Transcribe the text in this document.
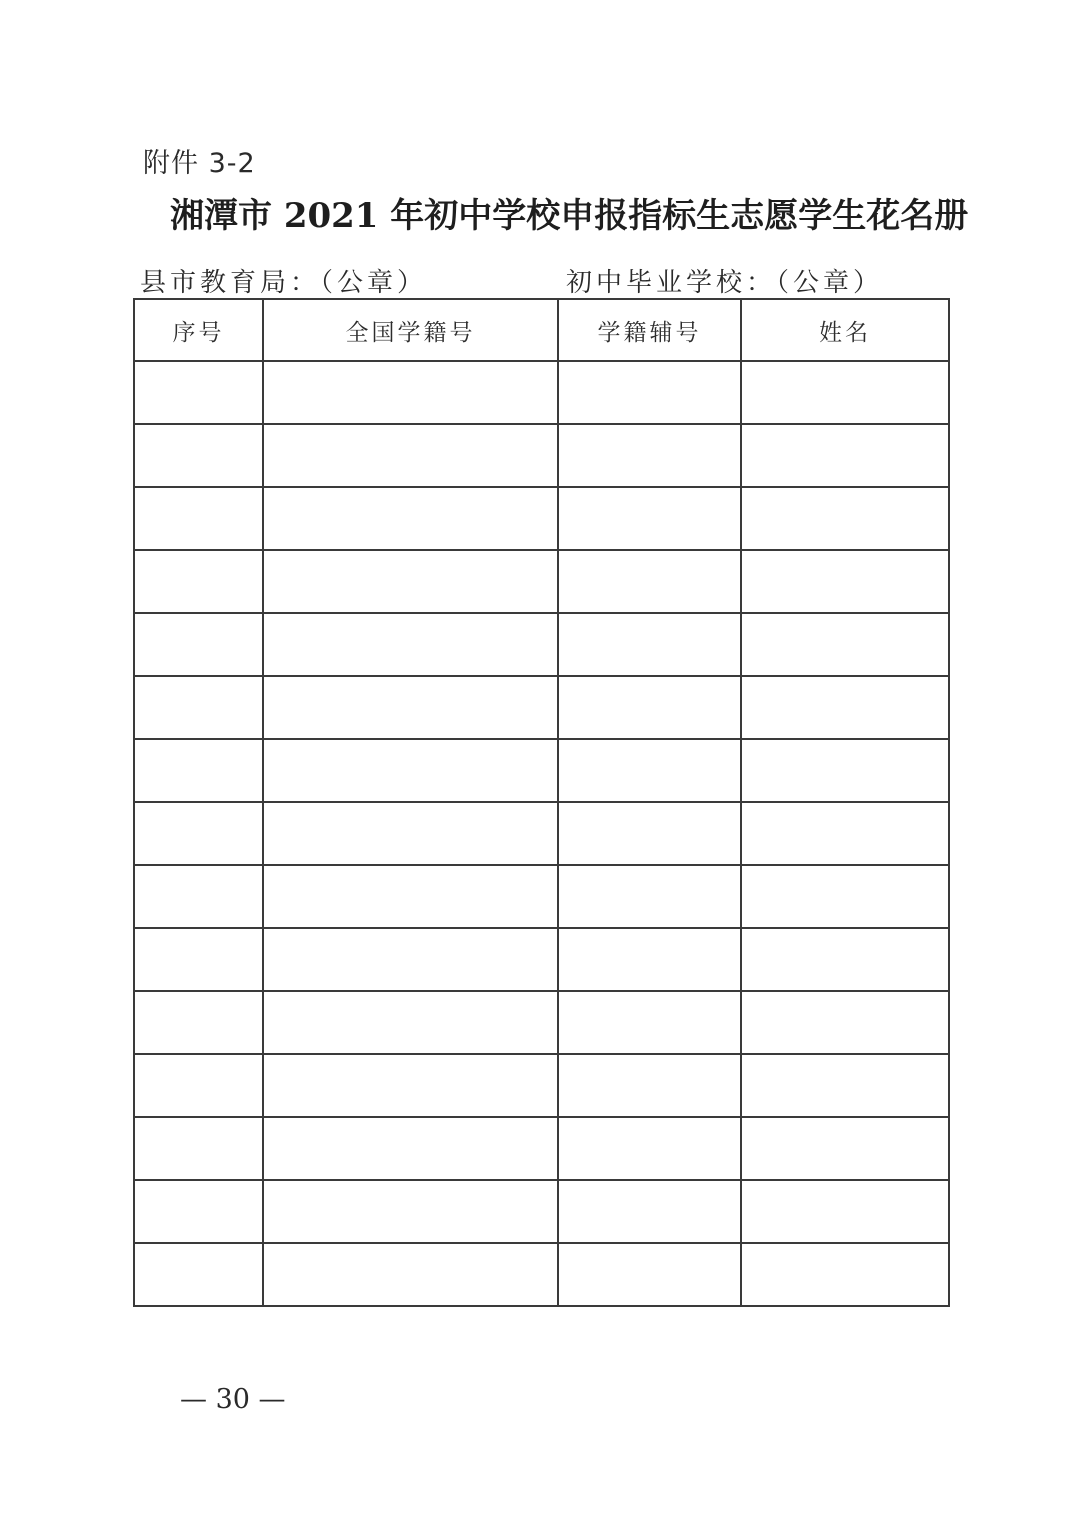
附件 3-2
湘潭市 2021 年初中学校申报指标生志愿学生花名册
县市教育局：（公章）	初中毕业学校：（公章）
序号	全国学籍号	学籍辅号	姓名

— 30 —
